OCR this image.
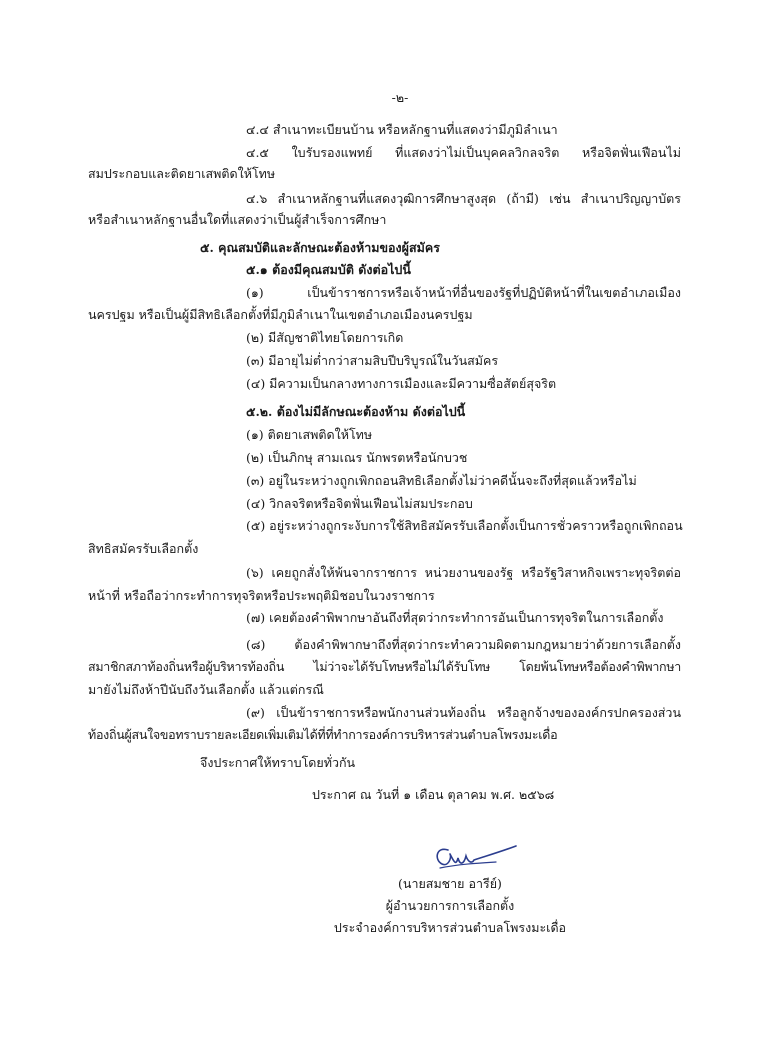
-๒-
๔.๔ สำเนาทะเบียนบ้าน หรือหลักฐานที่แสดงว่ามีภูมิลำเนา
๔.๕ ใบรับรองแพทย์ ที่แสดงว่าไม่เป็นบุคคลวิกลจริต หรือจิตฟั่นเฟือนไม่
สมประกอบและติดยาเสพติดให้โทษ
๔.๖ สำเนาหลักฐานที่แสดงวุฒิการศึกษาสูงสุด (ถ้ามี) เช่น สำเนาปริญญาบัตร
หรือสำเนาหลักฐานอื่นใดที่แสดงว่าเป็นผู้สำเร็จการศึกษา
๕. คุณสมบัติและลักษณะต้องห้ามของผู้สมัคร
๕.๑ ต้องมีคุณสมบัติ ดังต่อไปนี้
(๑) เป็นข้าราชการหรือเจ้าหน้าที่อื่นของรัฐที่ปฏิบัติหน้าที่ในเขตอำเภอเมือง
นครปฐม หรือเป็นผู้มีสิทธิเลือกตั้งที่มีภูมิลำเนาในเขตอำเภอเมืองนครปฐม
(๒) มีสัญชาติไทยโดยการเกิด
(๓) มีอายุไม่ต่ำกว่าสามสิบปีบริบูรณ์ในวันสมัคร
(๔) มีความเป็นกลางทางการเมืองและมีความซื่อสัตย์สุจริต
๕.๒. ต้องไม่มีลักษณะต้องห้าม ดังต่อไปนี้
(๑) ติดยาเสพติดให้โทษ
(๒) เป็นภิกษุ สามเณร นักพรตหรือนักบวช
(๓) อยู่ในระหว่างถูกเพิกถอนสิทธิเลือกตั้งไม่ว่าคดีนั้นจะถึงที่สุดแล้วหรือไม่
(๔) วิกลจริตหรือจิตฟั่นเฟือนไม่สมประกอบ
(๕) อยู่ระหว่างถูกระงับการใช้สิทธิสมัครรับเลือกตั้งเป็นการชั่วคราวหรือถูกเพิกถอน
สิทธิสมัครรับเลือกตั้ง
(๖) เคยถูกสั่งให้พ้นจากราชการ หน่วยงานของรัฐ หรือรัฐวิสาหกิจเพราะทุจริตต่อ
หน้าที่ หรือถือว่ากระทำการทุจริตหรือประพฤติมิชอบในวงราชการ
(๗) เคยต้องคำพิพากษาอันถึงที่สุดว่ากระทำการอันเป็นการทุจริตในการเลือกตั้ง
(๘) ต้องคำพิพากษาถึงที่สุดว่ากระทำความผิดตามกฎหมายว่าด้วยการเลือกตั้ง
สมาชิกสภาท้องถิ่นหรือผู้บริหารท้องถิ่น ไม่ว่าจะได้รับโทษหรือไม่ได้รับโทษ โดยพ้นโทษหรือต้องคำพิพากษา
มายังไม่ถึงห้าปีนับถึงวันเลือกตั้ง แล้วแต่กรณี
(๙) เป็นข้าราชการหรือพนักงานส่วนท้องถิ่น หรือลูกจ้างขององค์กรปกครองส่วน
ท้องถิ่นผู้สนใจขอทราบรายละเอียดเพิ่มเติมได้ที่ที่ทำการองค์การบริหารส่วนตำบลโพรงมะเดื่อ
จึงประกาศให้ทราบโดยทั่วกัน
ประกาศ ณ วันที่ ๑ เดือน ตุลาคม พ.ศ. ๒๕๖๘
(นายสมชาย อารีย์)
ผู้อำนวยการการเลือกตั้ง
ประจำองค์การบริหารส่วนตำบลโพรงมะเดื่อ
